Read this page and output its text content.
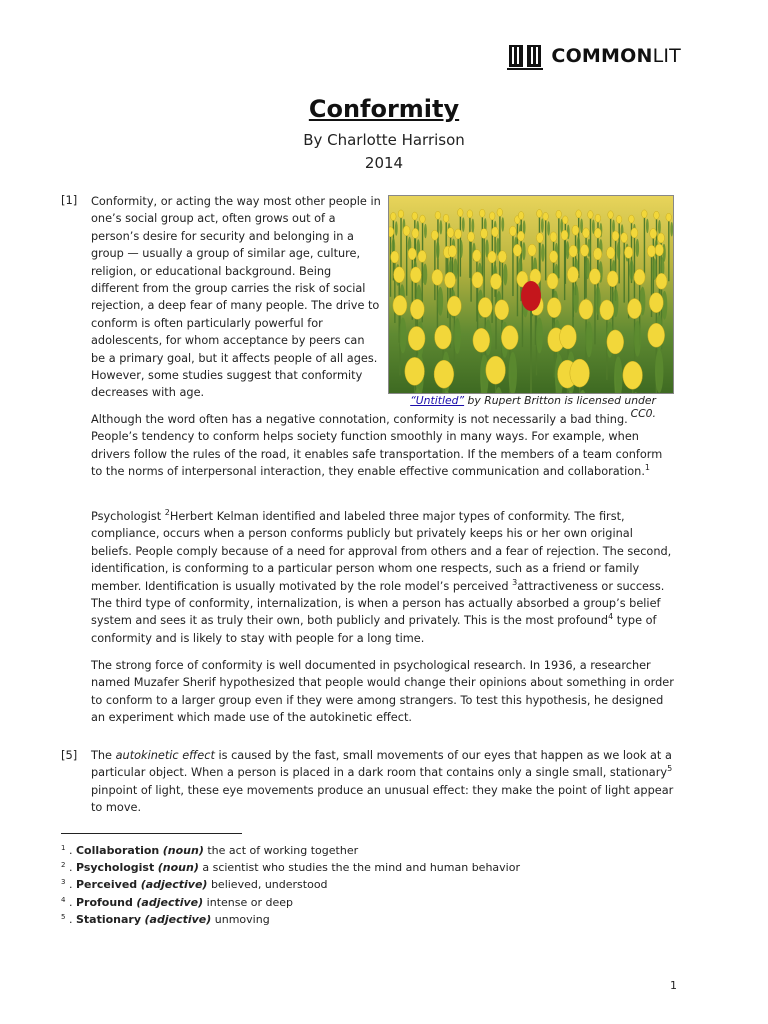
COMMONLIT
Conformity
By Charlotte Harrison
2014
[1] Conformity, or acting the way most other people in one’s social group act, often grows out of a person’s desire for security and belonging in a group — usually a group of similar age, culture, religion, or educational background. Being different from the group carries the risk of social rejection, a deep fear of many people. The drive to conform is often particularly powerful for adolescents, for whom acceptance by peers can be a primary goal, but it affects people of all ages. However, some studies suggest that conformity decreases with age.

“Untitled” by Rupert Britton is licensed under CC0.

Although the word often has a negative connotation, conformity is not necessarily a bad thing. People’s tendency to conform helps society function smoothly in many ways. For example, when drivers follow the rules of the road, it enables safe transportation. If the members of a team conform to the norms of interpersonal interaction, they enable effective communication and collaboration.$^1$

Psychologist $^2$Herbert Kelman identified and labeled three major types of conformity. The first, compliance, occurs when a person conforms publicly but privately keeps his or her own original beliefs. People comply because of a need for approval from others and a fear of rejection. The second, identification, is conforming to a particular person whom one respects, such as a friend or family member. Identification is usually motivated by the role model’s perceived $^3$attractiveness or success. The third type of conformity, internalization, is when a person has actually absorbed a group’s belief system and sees it as truly their own, both publicly and privately. This is the most profound$^4$ type of conformity and is likely to stay with people for a long time.

The strong force of conformity is well documented in psychological research. In 1936, a researcher named Muzafer Sherif hypothesized that people would change their opinions about something in order to conform to a larger group even if they were among strangers. To test this hypothesis, he designed an experiment which made use of the autokinetic effect.

[5] The autokinetic effect is caused by the fast, small movements of our eyes that happen as we look at a particular object. When a person is placed in a dark room that contains only a single small, stationary$^5$ pinpoint of light, these eye movements produce an unusual effect: they make the point of light appear to move.

$^1$ . Collaboration (noun) the act of working together
$^2$ . Psychologist (noun) a scientist who studies the the mind and human behavior
$^3$ . Perceived (adjective) believed, understood
$^4$ . Profound (adjective) intense or deep
$^5$ . Stationary (adjective) unmoving
1
